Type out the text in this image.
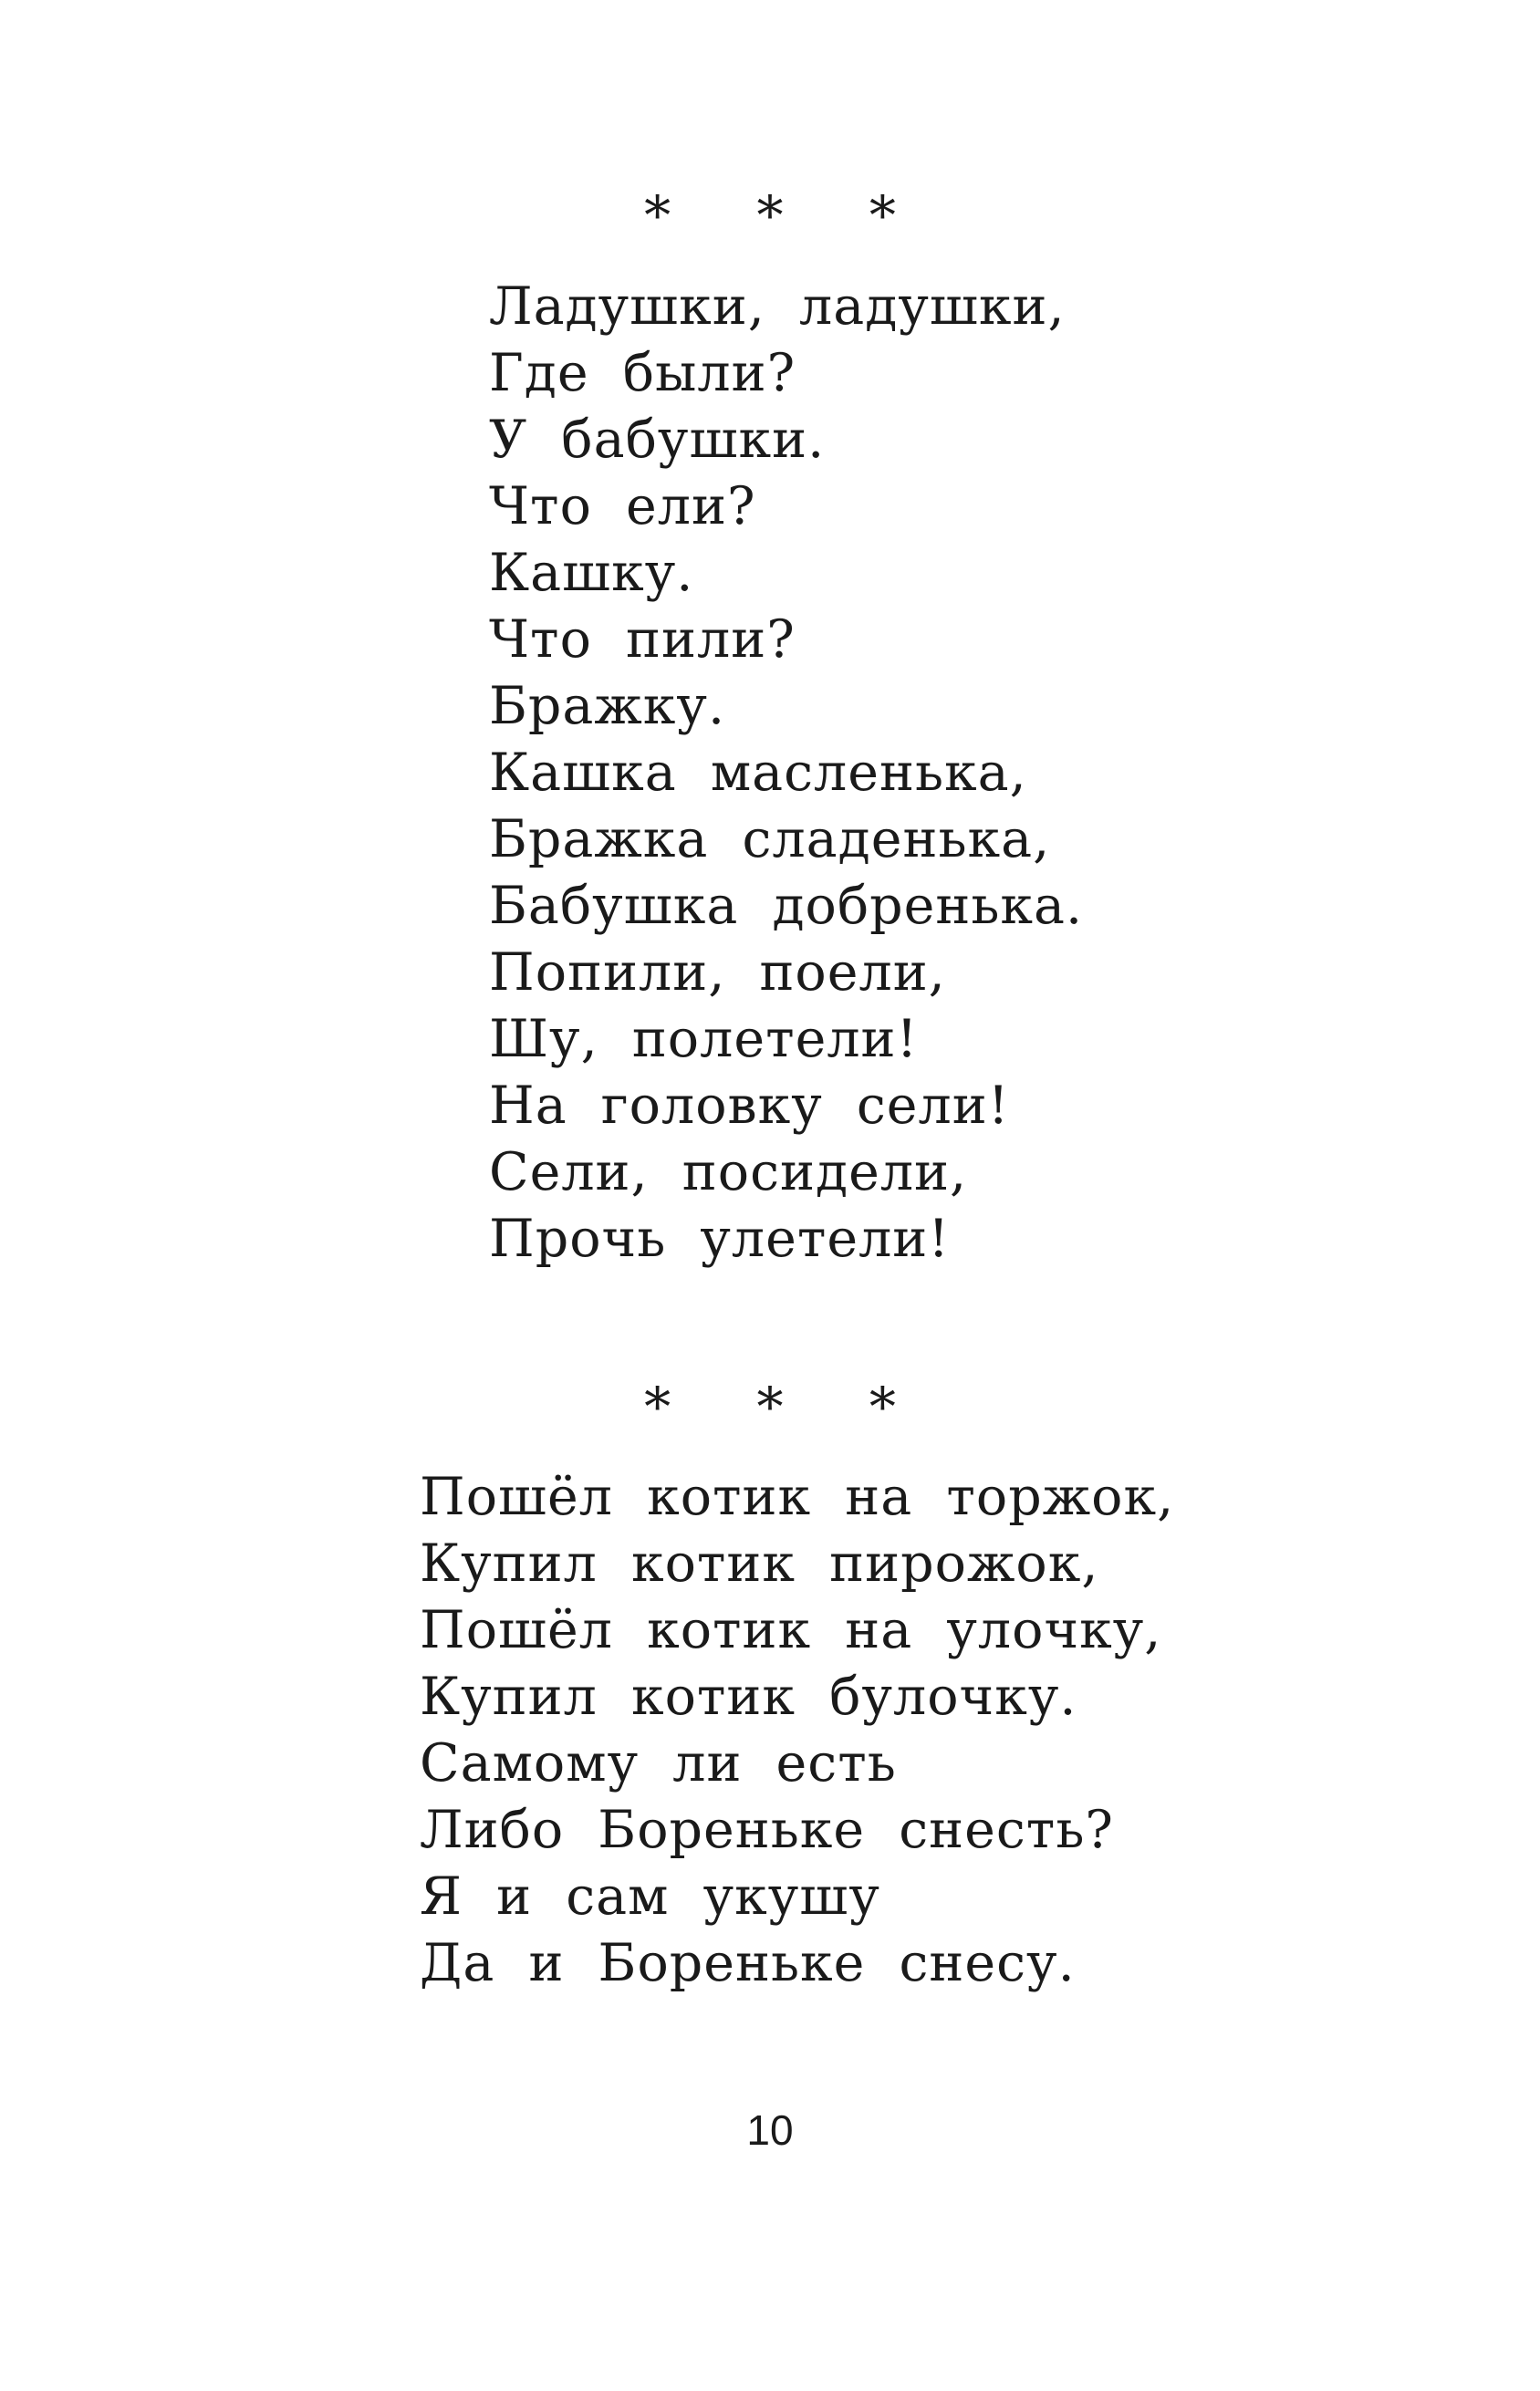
* * *
Ладушки, ладушки,
Где были?
У бабушки.
Что ели?
Кашку.
Что пили?
Бражку.
Кашка масленька,
Бражка сладенька,
Бабушка добренька.
Попили, поели,
Шу, полетели!
На головку сели!
Сели, посидели,
Прочь улетели!
* * *
Пошёл котик на торжок,
Купил котик пирожок,
Пошёл котик на улочку,
Купил котик булочку.
Самому ли есть
Либо Бореньке снесть?
Я и сам укушу
Да и Бореньке снесу.
10
